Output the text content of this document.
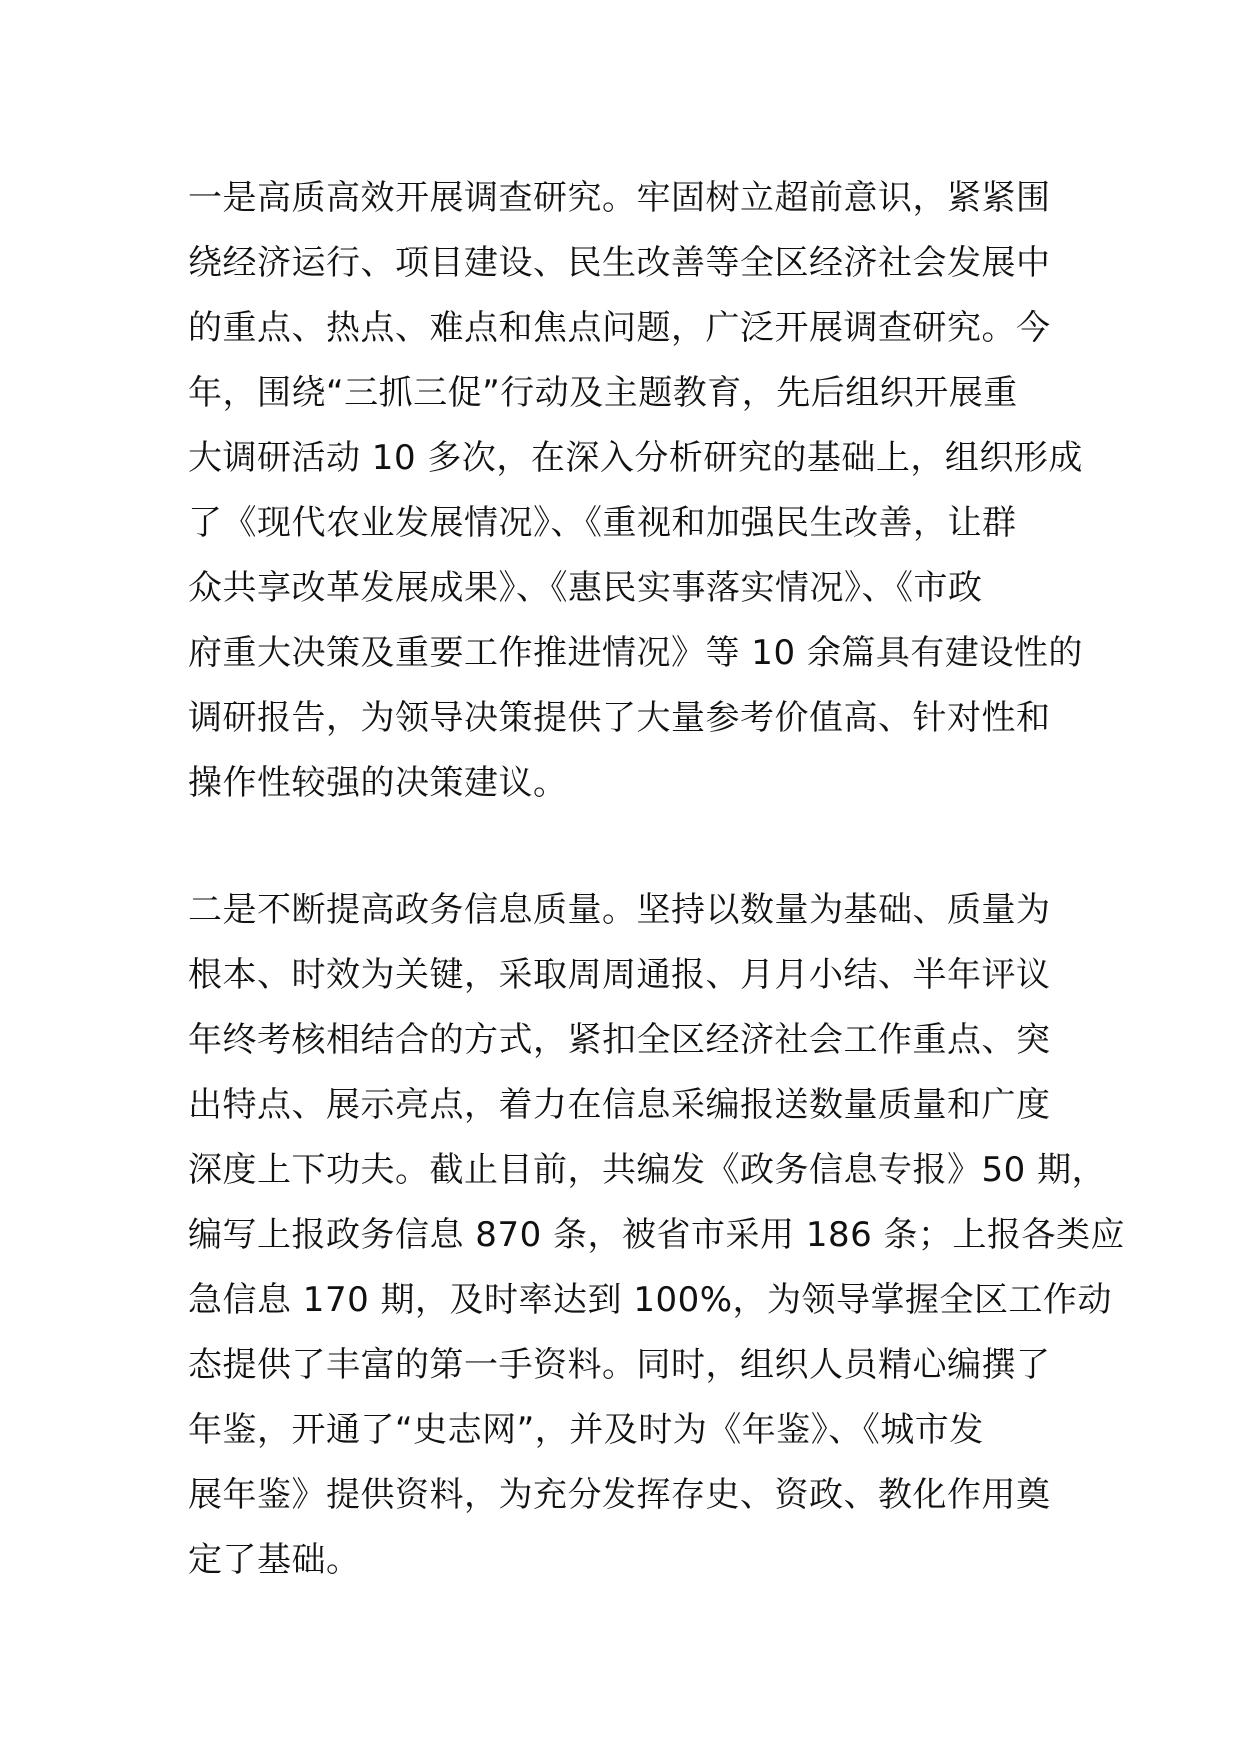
一是高质高效开展调查研究。牢固树立超前意识，紧紧围
绕经济运行、项目建设、民生改善等全区经济社会发展中
的重点、热点、难点和焦点问题，广泛开展调查研究。今
年，围绕“三抓三促”行动及主题教育，先后组织开展重
大调研活动 10 多次，在深入分析研究的基础上，组织形成
了《现代农业发展情况》、《重视和加强民生改善，让群
众共享改革发展成果》、《惠民实事落实情况》、《市政
府重大决策及重要工作推进情况》等 10 余篇具有建设性的
调研报告，为领导决策提供了大量参考价值高、针对性和
操作性较强的决策建议。
二是不断提高政务信息质量。坚持以数量为基础、质量为
根本、时效为关键，采取周周通报、月月小结、半年评议
年终考核相结合的方式，紧扣全区经济社会工作重点、突
出特点、展示亮点，着力在信息采编报送数量质量和广度
深度上下功夫。截止目前，共编发《政务信息专报》50 期，
编写上报政务信息 870 条，被省市采用 186 条；上报各类应
急信息 170 期，及时率达到 100%，为领导掌握全区工作动
态提供了丰富的第一手资料。同时，组织人员精心编撰了
年鉴，开通了“史志网”，并及时为《年鉴》、《城市发
展年鉴》提供资料，为充分发挥存史、资政、教化作用奠
定了基础。
